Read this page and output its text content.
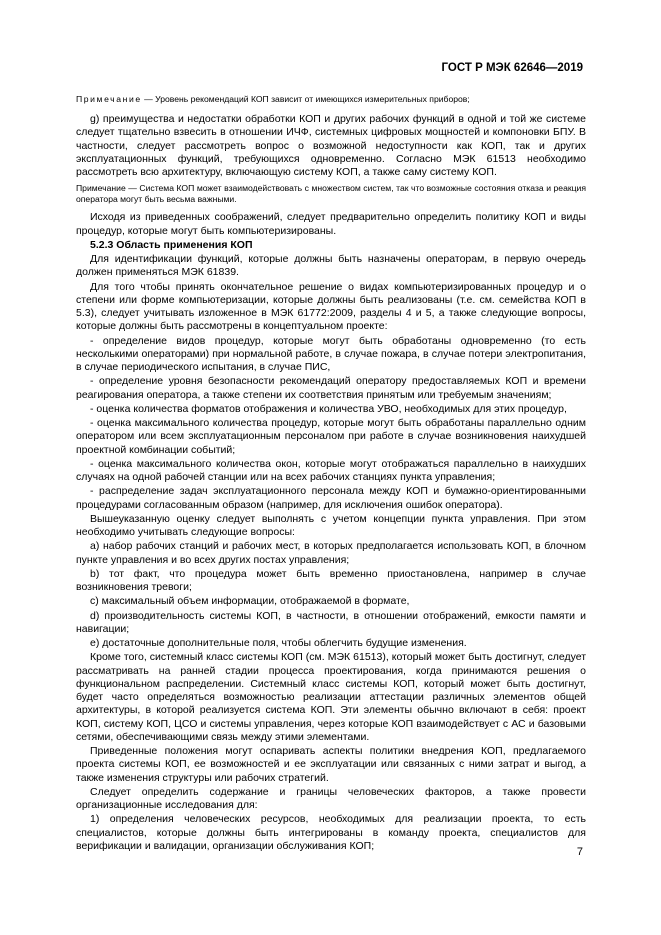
ГОСТ Р МЭК 62646—2019

Примечание — Уровень рекомендаций КОП зависит от имеющихся измерительных приборов;

g) преимущества и недостатки обработки КОП и других рабочих функций в одной и той же системе следует тщательно взвесить в отношении ИЧФ, системных цифровых мощностей и компоновки БПУ. В частности, следует рассмотреть вопрос о возможной недоступности как КОП, так и других эксплуатационных функций, требующихся одновременно. Согласно МЭК 61513 необходимо рассмотреть всю архитектуру, включающую систему КОП, а также саму систему КОП.

Примечание — Система КОП может взаимодействовать с множеством систем, так что возможные состояния отказа и реакция оператора могут быть весьма важными.

Исходя из приведенных соображений, следует предварительно определить политику КОП и виды процедур, которые могут быть компьютеризированы.

5.2.3 Область применения КОП

Для идентификации функций, которые должны быть назначены операторам, в первую очередь должен применяться МЭК 61839.

Для того чтобы принять окончательное решение о видах компьютеризированных процедур и о степени или форме компьютеризации, которые должны быть реализованы (т.е. см. семейства КОП в 5.3), следует учитывать изложенное в МЭК 61772:2009, разделы 4 и 5, а также следующие вопросы, которые должны быть рассмотрены в концептуальном проекте:

- определение видов процедур, которые могут быть обработаны одновременно (то есть несколькими операторами) при нормальной работе, в случае пожара, в случае потери электропитания, в случае периодического испытания, в случае ПИС,

- определение уровня безопасности рекомендаций оператору предоставляемых КОП и времени реагирования оператора, а также степени их соответствия принятым или требуемым значениям;

- оценка количества форматов отображения и количества УВО, необходимых для этих процедур,

- оценка максимального количества процедур, которые могут быть обработаны параллельно одним оператором или всем эксплуатационным персоналом при работе в случае возникновения наихудшей проектной комбинации событий;

- оценка максимального количества окон, которые могут отображаться параллельно в наихудших случаях на одной рабочей станции или на всех рабочих станциях пункта управления;

- распределение задач эксплуатационного персонала между КОП и бумажно-ориентированными процедурами согласованным образом (например, для исключения ошибок оператора).

Вышеуказанную оценку следует выполнять с учетом концепции пункта управления. При этом необходимо учитывать следующие вопросы:

а) набор рабочих станций и рабочих мест, в которых предполагается использовать КОП, в блочном пункте управления и во всех других постах управления;

b) тот факт, что процедура может быть временно приостановлена, например в случае возникновения тревоги;

c) максимальный объем информации, отображаемой в формате,

d) производительность системы КОП, в частности, в отношении отображений, емкости памяти и навигации;

е) достаточные дополнительные поля, чтобы облегчить будущие изменения.

Кроме того, системный класс системы КОП (см. МЭК 61513), который может быть достигнут, следует рассматривать на ранней стадии процесса проектирования, когда принимаются решения о функциональном распределении. Системный класс системы КОП, который может быть достигнут, будет часто определяться возможностью реализации аттестации различных элементов общей архитектуры, в которой реализуется система КОП. Эти элементы обычно включают в себя: проект КОП, систему КОП, ЦСО и системы управления, через которые КОП взаимодействует с АС и базовыми сетями, обеспечивающими связь между этими элементами.

Приведенные положения могут оспаривать аспекты политики внедрения КОП, предлагаемого проекта системы КОП, ее возможностей и ее эксплуатации или связанных с ними затрат и выгод, а также изменения структуры или рабочих стратегий.

Следует определить содержание и границы человеческих факторов, а также провести организационные исследования для:

1) определения человеческих ресурсов, необходимых для реализации проекта, то есть специалистов, которые должны быть интегрированы в команду проекта, специалистов для верификации и валидации, организации обслуживания КОП;

7
